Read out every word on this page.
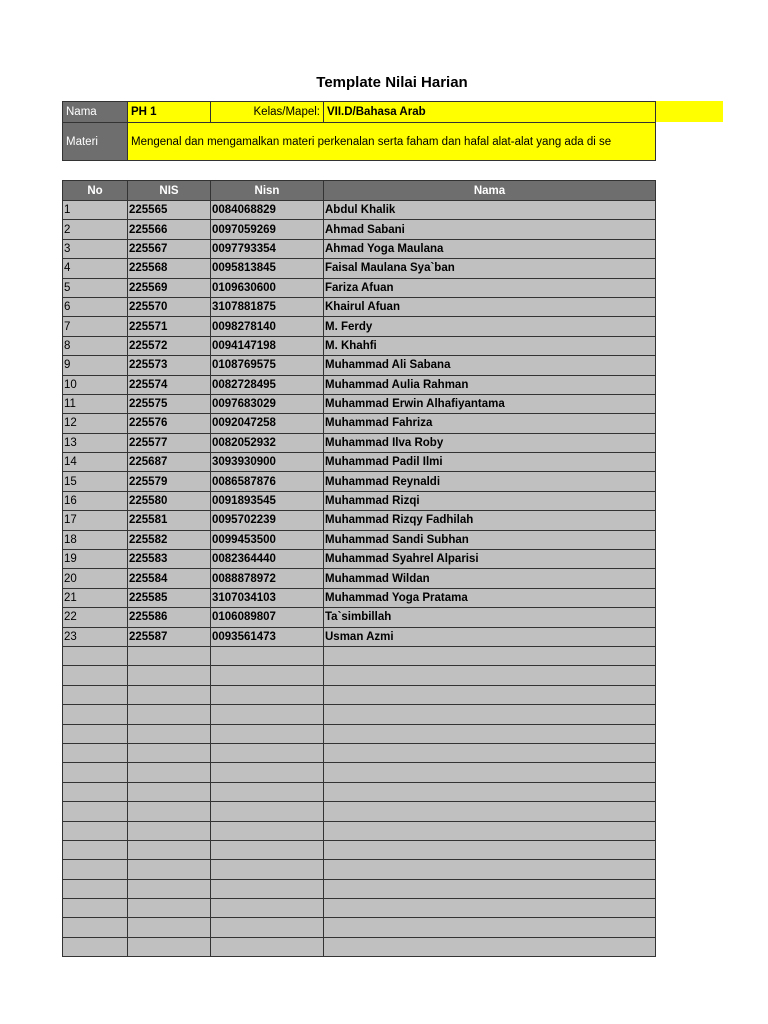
Template Nilai Harian
Nama	PH 1	Kelas/Mapel:	VII.D/Bahasa Arab
Materi	Mengenal dan mengamalkan materi perkenalan serta faham dan hafal alat-alat yang ada di se		
No	NIS	Nisn	Nama
1	225565	0084068829	Abdul Khalik
2	225566	0097059269	Ahmad Sabani
3	225567	0097793354	Ahmad Yoga Maulana
4	225568	0095813845	Faisal Maulana Sya`ban
5	225569	0109630600	Fariza Afuan
6	225570	3107881875	Khairul Afuan
7	225571	0098278140	M. Ferdy
8	225572	0094147198	M. Khahfi
9	225573	0108769575	Muhammad Ali Sabana
10	225574	0082728495	Muhammad Aulia Rahman
11	225575	0097683029	Muhammad Erwin Alhafiyantama
12	225576	0092047258	Muhammad Fahriza
13	225577	0082052932	Muhammad Ilva Roby
14	225687	3093930900	Muhammad Padil Ilmi
15	225579	0086587876	Muhammad Reynaldi
16	225580	0091893545	Muhammad Rizqi
17	225581	0095702239	Muhammad Rizqy Fadhilah
18	225582	0099453500	Muhammad Sandi Subhan
19	225583	0082364440	Muhammad Syahrel Alparisi
20	225584	0088878972	Muhammad Wildan
21	225585	3107034103	Muhammad Yoga Pratama
22	225586	0106089807	Ta`simbillah
23	225587	0093561473	Usman Azmi
